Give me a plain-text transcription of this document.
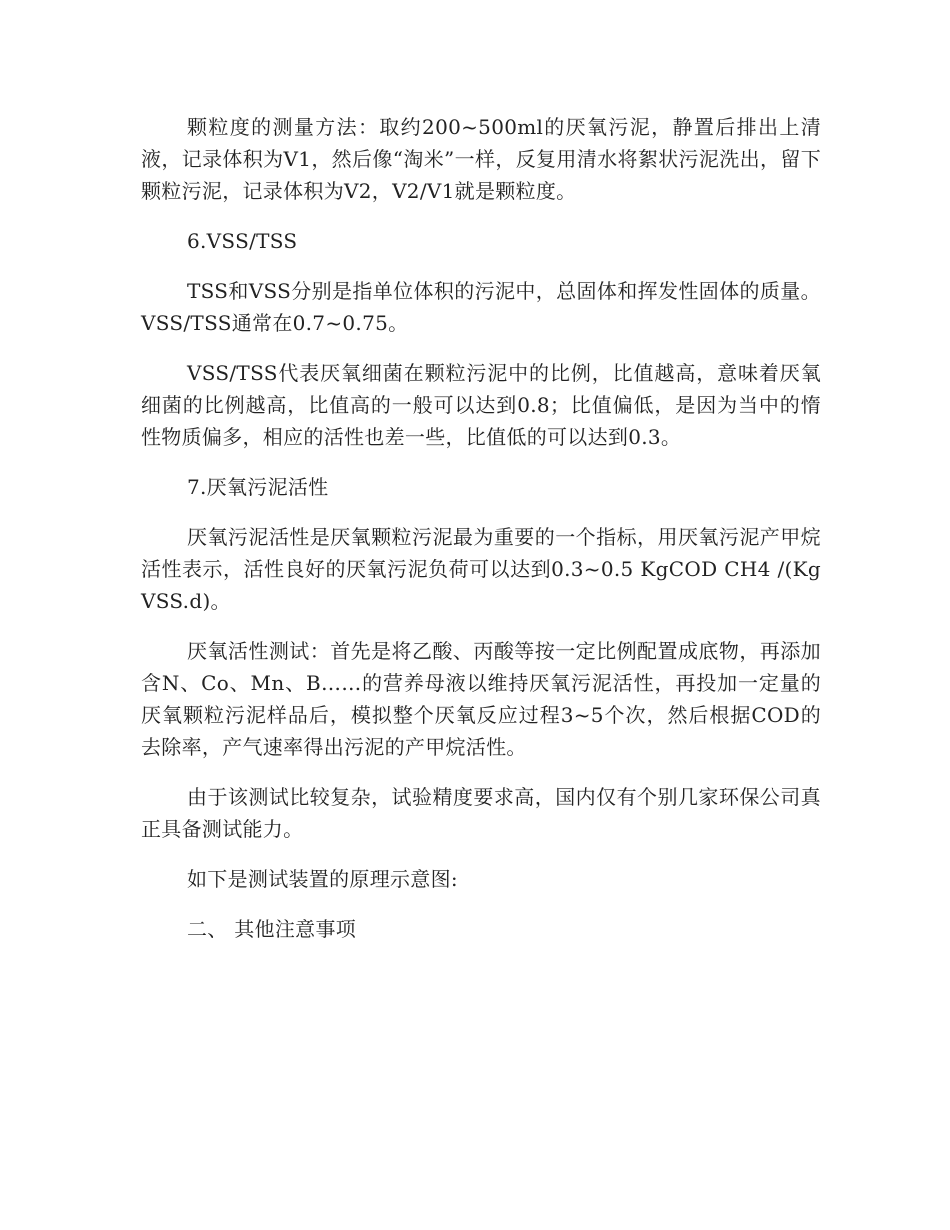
颗粒度的测量方法：取约200~500ml的厌氧污泥，静置后排出上清液，记录体积为V1，然后像“淘米”一样，反复用清水将絮状污泥洗出，留下颗粒污泥，记录体积为V2，V2/V1就是颗粒度。

6.VSS/TSS

TSS和VSS分别是指单位体积的污泥中，总固体和挥发性固体的质量。 VSS/TSS通常在0.7~0.75。

VSS/TSS代表厌氧细菌在颗粒污泥中的比例，比值越高，意味着厌氧细菌的比例越高，比值高的一般可以达到0.8；比值偏低，是因为当中的惰性物质偏多，相应的活性也差一些，比值低的可以达到0.3。

7.厌氧污泥活性

厌氧污泥活性是厌氧颗粒污泥最为重要的一个指标，用厌氧污泥产甲烷活性表示，活性良好的厌氧污泥负荷可以达到0.3~0.5 KgCOD CH4 /(KgVSS.d)。

厌氧活性测试：首先是将乙酸、丙酸等按一定比例配置成底物，再添加含N、Co、Mn、B……的营养母液以维持厌氧污泥活性，再投加一定量的厌氧颗粒污泥样品后，模拟整个厌氧反应过程3~5个次，然后根据COD的去除率，产气速率得出污泥的产甲烷活性。

由于该测试比较复杂，试验精度要求高，国内仅有个别几家环保公司真正具备测试能力。

如下是测试装置的原理示意图:

二、 其他注意事项
